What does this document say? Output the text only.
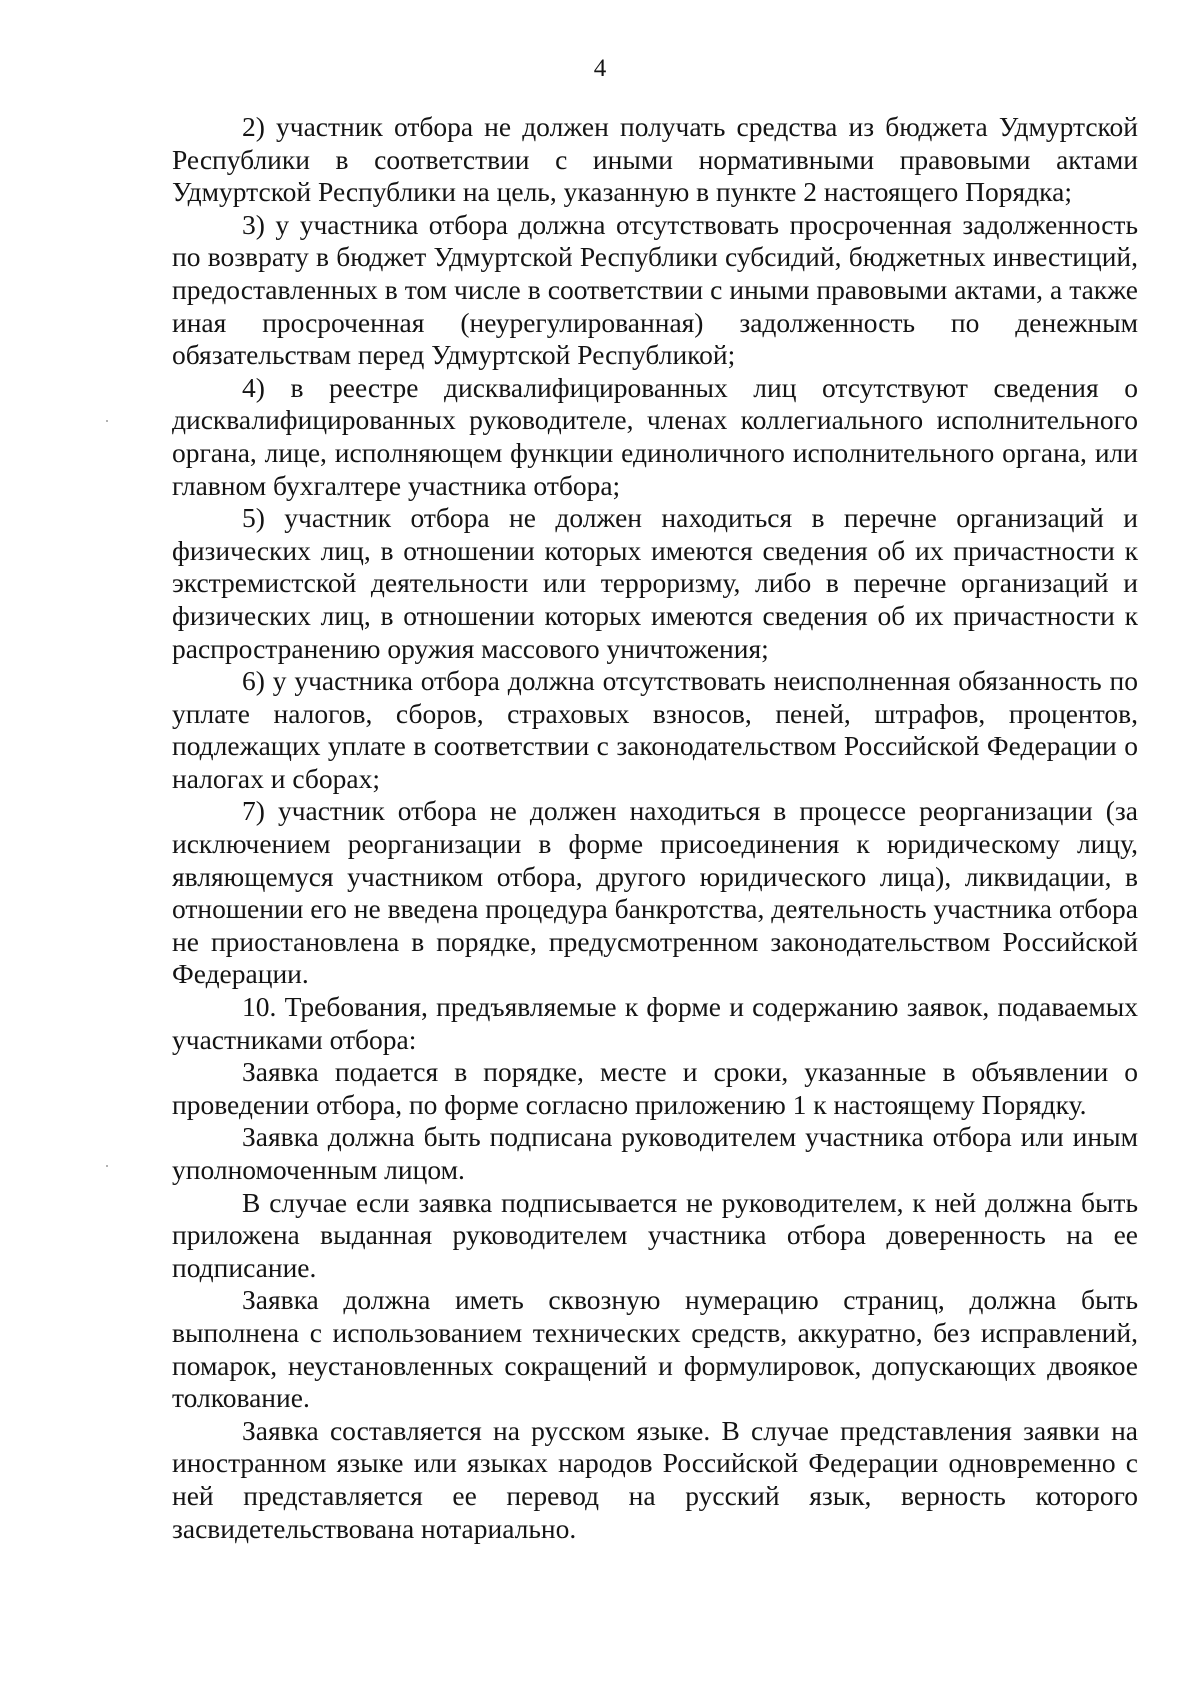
4

2) участник отбора не должен получать средства из бюджета Удмуртской Республики в соответствии с иными нормативными правовыми актами Удмуртской Республики на цель, указанную в пункте 2 настоящего Порядка;

3) у участника отбора должна отсутствовать просроченная задолженность по возврату в бюджет Удмуртской Республики субсидий, бюджетных инвестиций, предоставленных в том числе в соответствии с иными правовыми актами, а также иная просроченная (неурегулированная) задолженность по денежным обязательствам перед Удмуртской Республикой;

4) в реестре дисквалифицированных лиц отсутствуют сведения о дисквалифицированных руководителе, членах коллегиального исполнительного органа, лице, исполняющем функции единоличного исполнительного органа, или главном бухгалтере участника отбора;

5) участник отбора не должен находиться в перечне организаций и физических лиц, в отношении которых имеются сведения об их причастности к экстремистской деятельности или терроризму, либо в перечне организаций и физических лиц, в отношении которых имеются сведения об их причастности к распространению оружия массового уничтожения;

6) у участника отбора должна отсутствовать неисполненная обязанность по уплате налогов, сборов, страховых взносов, пеней, штрафов, процентов, подлежащих уплате в соответствии с законодательством Российской Федерации о налогах и сборах;

7) участник отбора не должен находиться в процессе реорганизации (за исключением реорганизации в форме присоединения к юридическому лицу, являющемуся участником отбора, другого юридического лица), ликвидации, в отношении его не введена процедура банкротства, деятельность участника отбора не приостановлена в порядке, предусмотренном законодательством Российской Федерации.

10. Требования, предъявляемые к форме и содержанию заявок, подаваемых участниками отбора:

Заявка подается в порядке, месте и сроки, указанные в объявлении о проведении отбора, по форме согласно приложению 1 к настоящему Порядку.

Заявка должна быть подписана руководителем участника отбора или иным уполномоченным лицом.

В случае если заявка подписывается не руководителем, к ней должна быть приложена выданная руководителем участника отбора доверенность на ее подписание.

Заявка должна иметь сквозную нумерацию страниц, должна быть выполнена с использованием технических средств, аккуратно, без исправлений, помарок, неустановленных сокращений и формулировок, допускающих двоякое толкование.

Заявка составляется на русском языке. В случае представления заявки на иностранном языке или языках народов Российской Федерации одновременно с ней представляется ее перевод на русский язык, верность которого засвидетельствована нотариально.
